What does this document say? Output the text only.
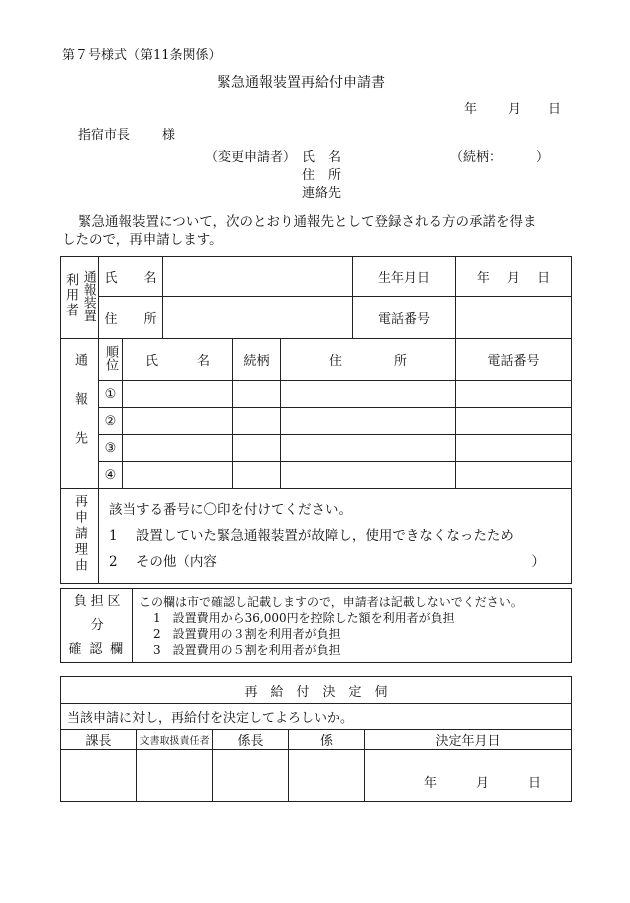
第７号様式（第11条関係）
緊急通報装置再給付申請書
年 月 日
指宿市長 様
（変更申請者） 氏　名	（続柄：	）
住　所
連絡先
緊急通報装置について，次のとおり通報先として登録される方の承諾を得ま
したので，再申請します。
利用者	通報装置	氏　　名					生年月日	年　 月　 日
		住　　所					電話番号	
通報先		順位	氏　　　名		続柄	住　　　　所		電話番号
		①						
		②						
		③						
		④						
再申請理由		該当する番号に〇印を付けてください。
1 設置していた緊急通報装置が故障し，使用できなくなったため
2 その他（内容 ）						
負担区分
確認欄

この欄は市で確認し記載しますので，申請者は記載しないでください。
1　 設置費用から36,000円を控除した額を利用者が負担
2　 設置費用の３割を利用者が負担
3　 設置費用の５割を利用者が負担
再　給　付　決　定　伺				
当該申請に対し，再給付を決定してよろしいか。				
課長	文書取扱責任者	係長	係	決定年月日
				年　　　月　　　日
